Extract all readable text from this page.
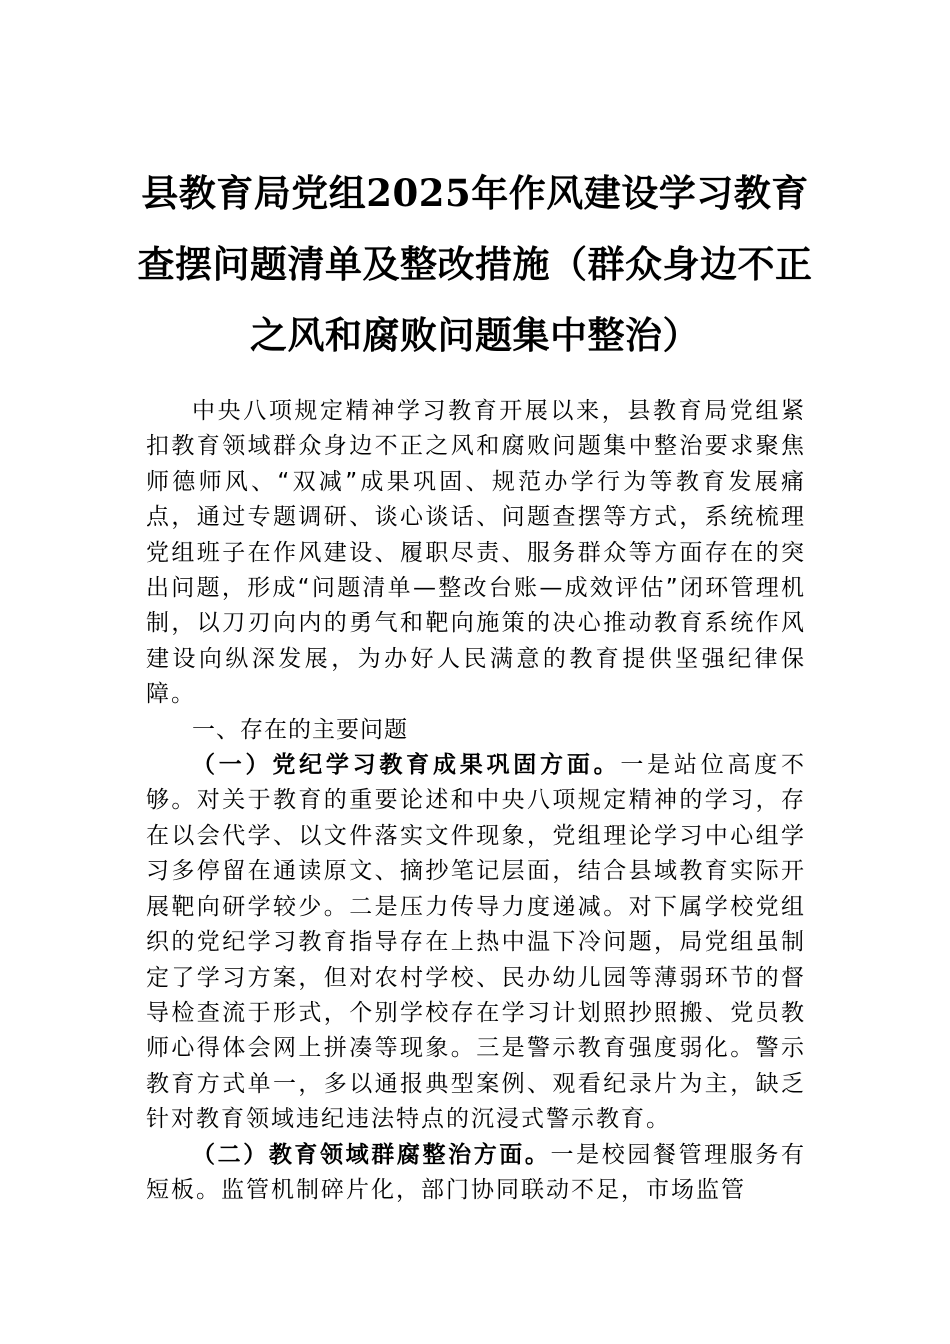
县教育局党组2025年作风建设学习教育查摆问题清单及整改措施（群众身边不正之风和腐败问题集中整治）

中央八项规定精神学习教育开展以来，县教育局党组紧扣教育领域群众身边不正之风和腐败问题集中整治要求聚焦师德师风、“双减”成果巩固、规范办学行为等教育发展痛点，通过专题调研、谈心谈话、问题查摆等方式，系统梳理党组班子在作风建设、履职尽责、服务群众等方面存在的突出问题，形成“问题清单—整改台账—成效评估”闭环管理机制，以刀刃向内的勇气和靶向施策的决心推动教育系统作风建设向纵深发展，为办好人民满意的教育提供坚强纪律保障。

一、存在的主要问题

（一）党纪学习教育成果巩固方面。一是站位高度不够。对关于教育的重要论述和中央八项规定精神的学习，存在以会代学、以文件落实文件现象，党组理论学习中心组学习多停留在通读原文、摘抄笔记层面，结合县域教育实际开展靶向研学较少。二是压力传导力度递减。对下属学校党组织的党纪学习教育指导存在上热中温下冷问题，局党组虽制定了学习方案，但对农村学校、民办幼儿园等薄弱环节的督导检查流于形式，个别学校存在学习计划照抄照搬、党员教师心得体会网上拼凑等现象。三是警示教育强度弱化。警示教育方式单一，多以通报典型案例、观看纪录片为主，缺乏针对教育领域违纪违法特点的沉浸式警示教育。

（二）教育领域群腐整治方面。一是校园餐管理服务有短板。监管机制碎片化，部门协同联动不足，市场监管
